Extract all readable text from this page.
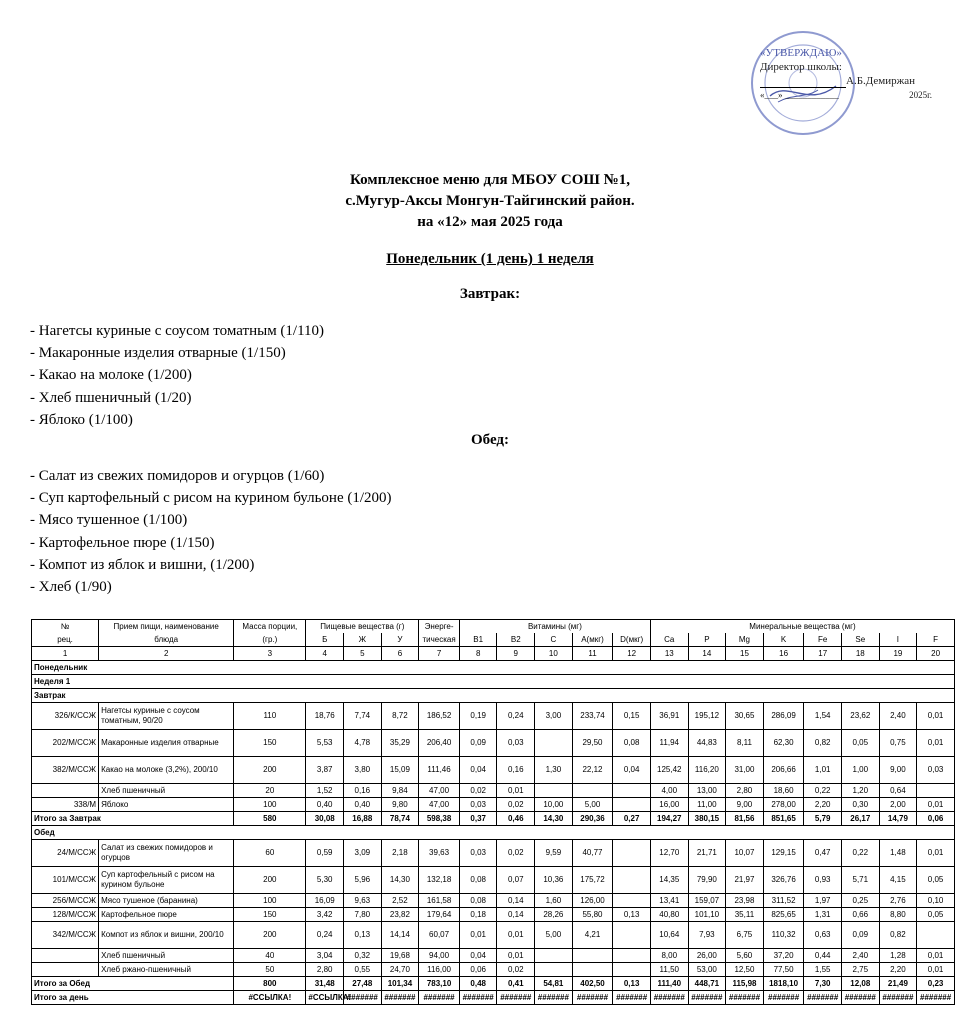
«УТВЕРЖДАЮ»
Директор школы:
А.Б.Демиржан
«___» ____________	2025г.
Комплексное меню для МБОУ СОШ №1,
с.Мугур-Аксы Монгун-Тайгинский район.
на «12» мая 2025 года
Понедельник (1 день) 1 неделя
Завтрак:
- Нагетсы куриные с соусом томатным (1/110)
- Макаронные изделия отварные (1/150)
- Какао на молоке (1/200)
- Хлеб пшеничный (1/20)
- Яблоко (1/100)
Обед:
- Салат из свежих помидоров и огурцов (1/60)
- Суп картофельный с рисом на курином бульоне (1/200)
- Мясо тушенное (1/100)
- Картофельное пюре (1/150)
- Компот из яблок и вишни, (1/200)
- Хлеб (1/90)
№	Прием пищи, наименование	Масса порции,	Пищевые вещества (г)			Энерге-	Витамины (мг)					Минеральные вещества (мг)							
рец.	блюда	(гр.)	Б	Ж	У	тическая	B1	B2	C	А(мкг)	D(мкг)	Ca	P	Mg	K	Fe	Se	I	F
1	2	3	4	5	6	7	8	9	10	11	12	13	14	15	16	17	18	19	20
Понедельник																			
Неделя 1																			
Завтрак																			
326/К/ССЖ	Нагетсы куриные с соусом томатным, 90/20	110	18,76	7,74	8,72	186,52	0,19	0,24	3,00	233,74	0,15	36,91	195,12	30,65	286,09	1,54	23,62	2,40	0,01
202/М/ССЖ	Макаронные изделия отварные	150	5,53	4,78	35,29	206,40	0,09	0,03		29,50	0,08	11,94	44,83	8,11	62,30	0,82	0,05	0,75	0,01
382/М/ССЖ	Какао на молоке (3,2%), 200/10	200	3,87	3,80	15,09	111,46	0,04	0,16	1,30	22,12	0,04	125,42	116,20	31,00	206,66	1,01	1,00	9,00	0,03
	Хлеб пшеничный	20	1,52	0,16	9,84	47,00	0,02	0,01				4,00	13,00	2,80	18,60	0,22	1,20	0,64	
338/М	Яблоко	100	0,40	0,40	9,80	47,00	0,03	0,02	10,00	5,00		16,00	11,00	9,00	278,00	2,20	0,30	2,00	0,01
Итого за Завтрак		580	30,08	16,88	78,74	598,38	0,37	0,46	14,30	290,36	0,27	194,27	380,15	81,56	851,65	5,79	26,17	14,79	0,06
Обед																			
24/М/ССЖ	Салат из свежих помидоров и огурцов	60	0,59	3,09	2,18	39,63	0,03	0,02	9,59	40,77		12,70	21,71	10,07	129,15	0,47	0,22	1,48	0,01
101/М/ССЖ	Суп картофельный с рисом на курином бульоне	200	5,30	5,96	14,30	132,18	0,08	0,07	10,36	175,72		14,35	79,90	21,97	326,76	0,93	5,71	4,15	0,05
256/М/ССЖ	Мясо тушеное (баранина)	100	16,09	9,63	2,52	161,58	0,08	0,14	1,60	126,00		13,41	159,07	23,98	311,52	1,97	0,25	2,76	0,10
128/М/ССЖ	Картофельное пюре	150	3,42	7,80	23,82	179,64	0,18	0,14	28,26	55,80	0,13	40,80	101,10	35,11	825,65	1,31	0,66	8,80	0,05
342/М/ССЖ	Компот из яблок и вишни, 200/10	200	0,24	0,13	14,14	60,07	0,01	0,01	5,00	4,21		10,64	7,93	6,75	110,32	0,63	0,09	0,82	
	Хлеб пшеничный	40	3,04	0,32	19,68	94,00	0,04	0,01				8,00	26,00	5,60	37,20	0,44	2,40	1,28	0,01
	Хлеб ржано-пшеничный	50	2,80	0,55	24,70	116,00	0,06	0,02				11,50	53,00	12,50	77,50	1,55	2,75	2,20	0,01
Итого за Обед		800	31,48	27,48	101,34	783,10	0,48	0,41	54,81	402,50	0,13	111,40	448,71	115,98	1818,10	7,30	12,08	21,49	0,23
Итого за день		#ССЫЛКА!	#ССЫЛКА!	#######	#######	#######	#######	#######	#######	#######	#######	#######	#######	#######	#######	#######	#######	#######	#######
